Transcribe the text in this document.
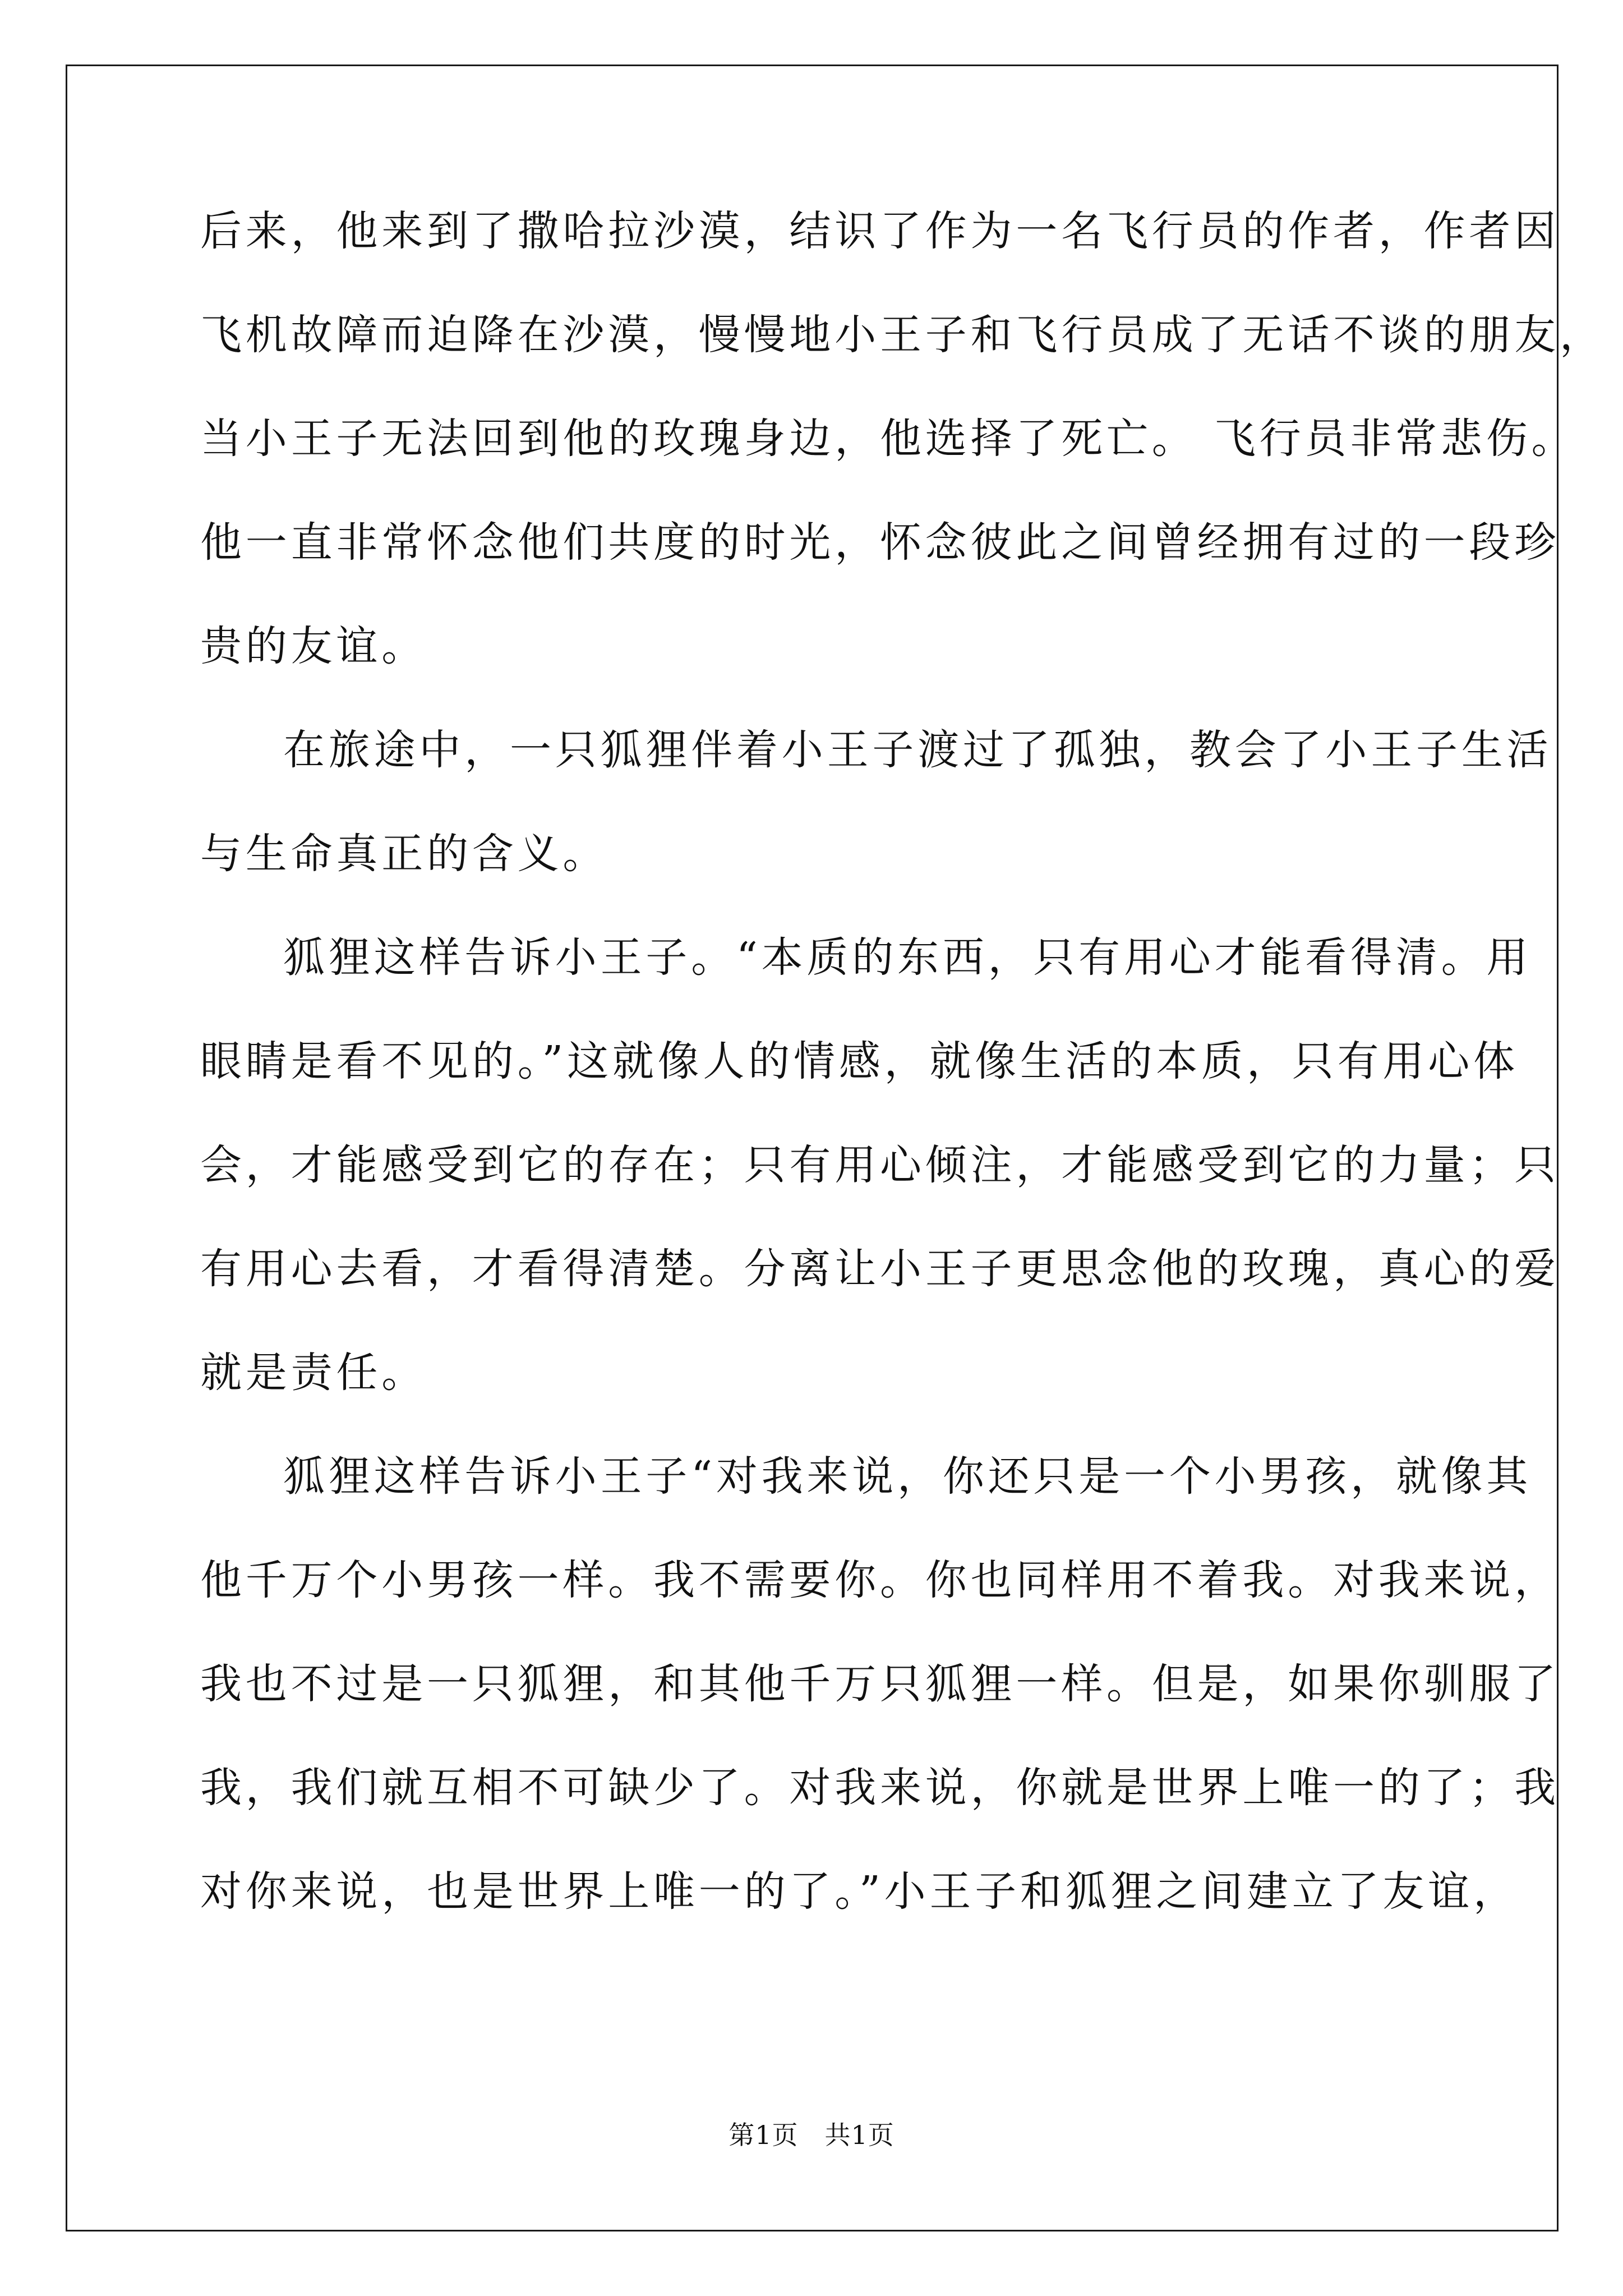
后来，他来到了撒哈拉沙漠，结识了作为一名飞行员的作者，作者因
飞机故障而迫降在沙漠，慢慢地小王子和飞行员成了无话不谈的朋友，
当小王子无法回到他的玫瑰身边，他选择了死亡。 飞行员非常悲伤。
他一直非常怀念他们共度的时光，怀念彼此之间曾经拥有过的一段珍
贵的友谊。
在旅途中，一只狐狸伴着小王子渡过了孤独，教会了小王子生活
与生命真正的含义。
狐狸这样告诉小王子。“本质的东西，只有用心才能看得清。用
眼睛是看不见的。”这就像人的情感，就像生活的本质，只有用心体
会，才能感受到它的存在；只有用心倾注，才能感受到它的力量；只
有用心去看，才看得清楚。分离让小王子更思念他的玫瑰，真心的爱
就是责任。
狐狸这样告诉小王子“对我来说，你还只是一个小男孩，就像其
他千万个小男孩一样。我不需要你。你也同样用不着我。对我来说，
我也不过是一只狐狸，和其他千万只狐狸一样。但是，如果你驯服了
我，我们就互相不可缺少了。对我来说，你就是世界上唯一的了；我
对你来说，也是世界上唯一的了。”小王子和狐狸之间建立了友谊，
第1页　共1页
